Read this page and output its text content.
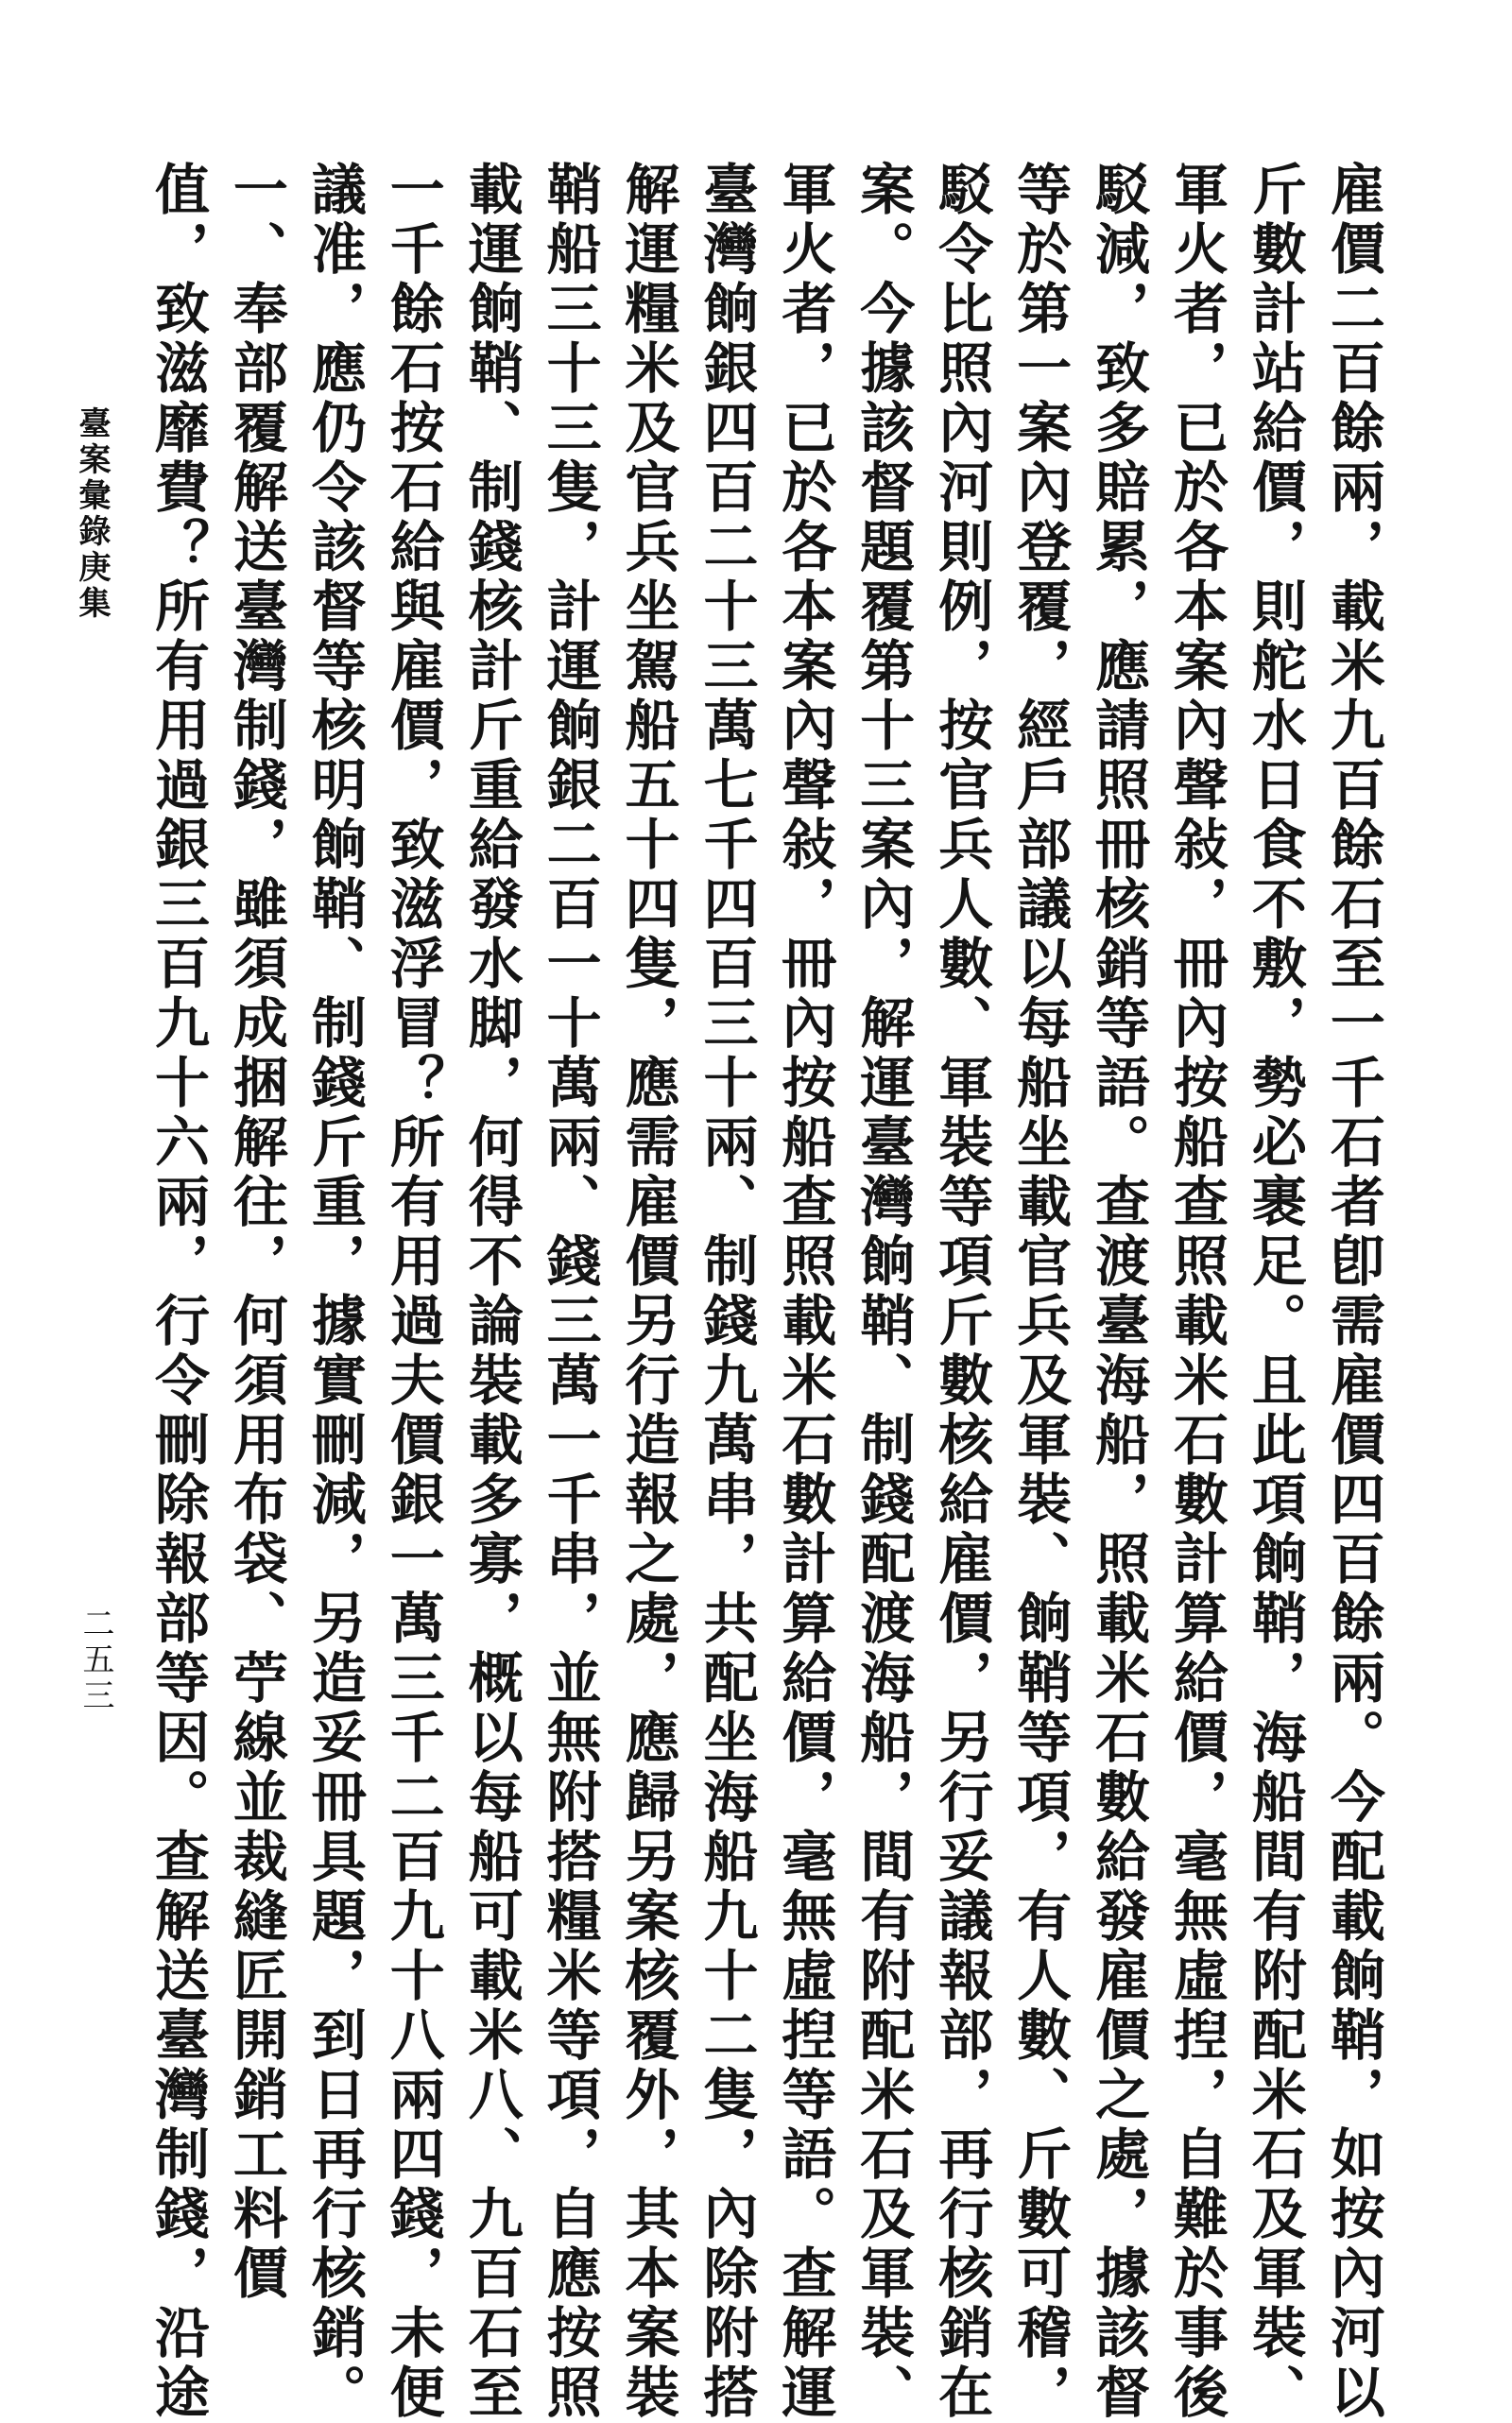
雇價二百餘兩，載米九百餘石至一千石者卽需雇價四百餘兩。今配載餉鞘，如按內河以
斤數計站給價，則舵水日食不敷，勢必裹足。且此項餉鞘，海船間有附配米石及軍裝、
軍火者，已於各本案內聲敍，冊內按船查照載米石數計算給價，毫無虛揑，自難於事後
駁減，致多賠累，應請照冊核銷等語。查渡臺海船，照載米石數給發雇價之處，據該督
等於第一案內登覆，經戶部議以每船坐載官兵及軍裝、餉鞘等項，有人數、斤數可稽，
駁令比照內河則例，按官兵人數、軍裝等項斤數核給雇價，另行妥議報部，再行核銷在
案。今據該督題覆第十三案內，解運臺灣餉鞘、制錢配渡海船，間有附配米石及軍裝、
軍火者，已於各本案內聲敍，冊內按船查照載米石數計算給價，毫無虛揑等語。查解運
臺灣餉銀四百二十三萬七千四百三十兩、制錢九萬串，共配坐海船九十二隻，內除附搭
解運糧米及官兵坐駕船五十四隻，應需雇價另行造報之處，應歸另案核覆外，其本案裝
鞘船三十三隻，計運餉銀二百一十萬兩、錢三萬一千串，並無附搭糧米等項，自應按照
載運餉鞘、制錢核計斤重給發水脚，何得不論裝載多寡，概以每船可載米八、九百石至
一千餘石按石給與雇價，致滋浮冒？所有用過夫價銀一萬三千二百九十八兩四錢，未便
議准，應仍令該督等核明餉鞘、制錢斤重，據實刪減，另造妥冊具題，到日再行核銷。
一、奉部覆解送臺灣制錢，雖須成捆解往，何須用布袋、苧線並裁縫匠開銷工料價
值，致滋靡費？所有用過銀三百九十六兩，行令刪除報部等因。查解送臺灣制錢，沿途
臺案彙錄庚集
二五三
